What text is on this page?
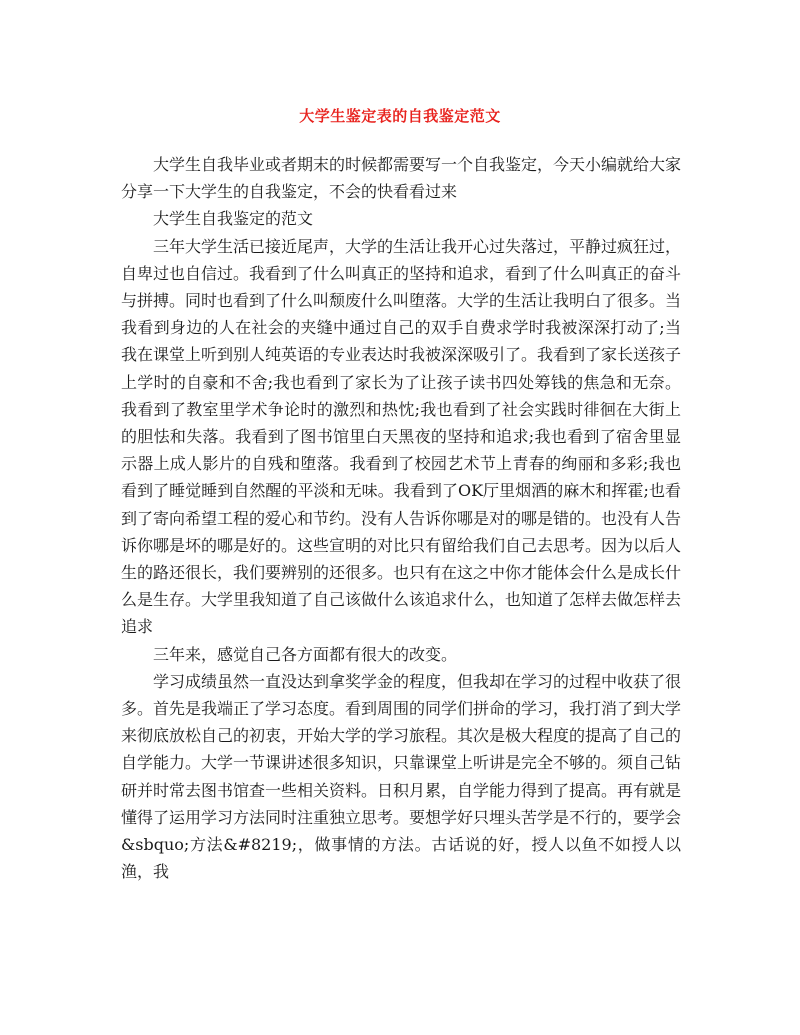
大学生鉴定表的自我鉴定范文

大学生自我毕业或者期末的时候都需要写一个自我鉴定，今天小编就给大家分享一下大学生的自我鉴定，不会的快看看过来

大学生自我鉴定的范文

三年大学生活已接近尾声，大学的生活让我开心过失落过，平静过疯狂过，自卑过也自信过。我看到了什么叫真正的坚持和追求，看到了什么叫真正的奋斗与拼搏。同时也看到了什么叫颓废什么叫堕落。大学的生活让我明白了很多。当我看到身边的人在社会的夹缝中通过自己的双手自费求学时我被深深打动了;当我在课堂上听到别人纯英语的专业表达时我被深深吸引了。我看到了家长送孩子上学时的自豪和不舍;我也看到了家长为了让孩子读书四处筹钱的焦急和无奈。我看到了教室里学术争论时的激烈和热忱;我也看到了社会实践时徘徊在大街上的胆怯和失落。我看到了图书馆里白天黑夜的坚持和追求;我也看到了宿舍里显示器上成人影片的自残和堕落。我看到了校园艺术节上青春的绚丽和多彩;我也看到了睡觉睡到自然醒的平淡和无味。我看到了OK厅里烟酒的麻木和挥霍;也看到了寄向希望工程的爱心和节约。没有人告诉你哪是对的哪是错的。也没有人告诉你哪是坏的哪是好的。这些宣明的对比只有留给我们自己去思考。因为以后人生的路还很长，我们要辨别的还很多。也只有在这之中你才能体会什么是成长什么是生存。大学里我知道了自己该做什么该追求什么，也知道了怎样去做怎样去追求

三年来，感觉自己各方面都有很大的改变。

学习成绩虽然一直没达到拿奖学金的程度，但我却在学习的过程中收获了很多。首先是我端正了学习态度。看到周围的同学们拼命的学习，我打消了到大学来彻底放松自己的初衷，开始大学的学习旅程。其次是极大程度的提高了自己的自学能力。大学一节课讲述很多知识，只靠课堂上听讲是完全不够的。须自己钻研并时常去图书馆查一些相关资料。日积月累，自学能力得到了提高。再有就是懂得了运用学习方法同时注重独立思考。要想学好只埋头苦学是不行的，要学会&sbquo;方法&#8219;，做事情的方法。古话说的好，授人以鱼不如授人以渔，我
